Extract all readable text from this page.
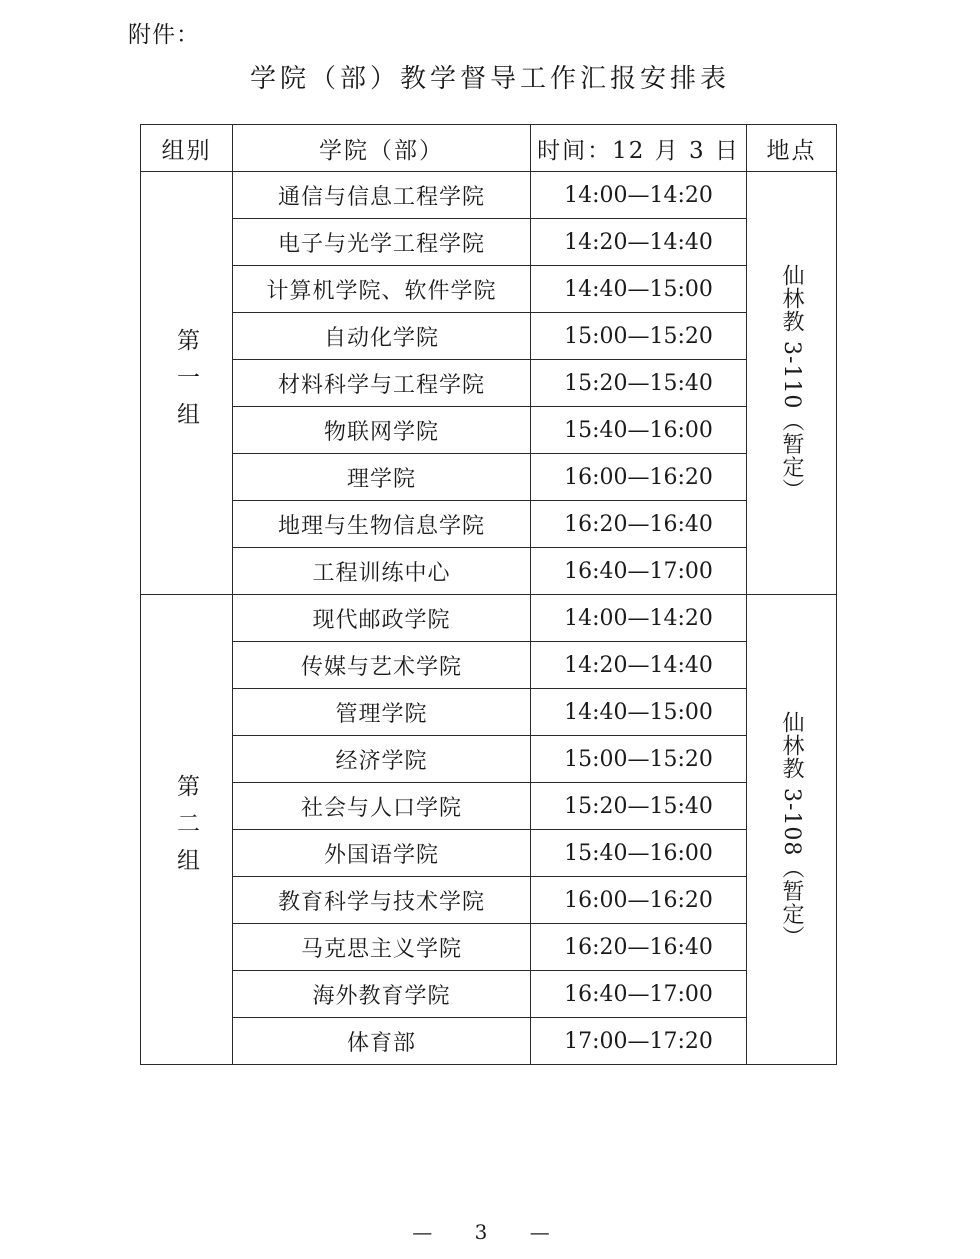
附件：
学院（部）教学督导工作汇报安排表
组别	学院（部）	时间：12 月 3 日	地点
第一组	通信与信息工程学院	14:00—14:20	仙林教 3-110（暂定）
	电子与光学工程学院	14:20—14:40	
	计算机学院、软件学院	14:40—15:00	
	自动化学院	15:00—15:20	
	材料科学与工程学院	15:20—15:40	
	物联网学院	15:40—16:00	
	理学院	16:00—16:20	
	地理与生物信息学院	16:20—16:40	
	工程训练中心	16:40—17:00	
第二组	现代邮政学院	14:00—14:20	仙林教 3-108（暂定）
	传媒与艺术学院	14:20—14:40	
	管理学院	14:40—15:00	
	经济学院	15:00—15:20	
	社会与人口学院	15:20—15:40	
	外国语学院	15:40—16:00	
	教育科学与技术学院	16:00—16:20	
	马克思主义学院	16:20—16:40	
	海外教育学院	16:40—17:00	
	体育部	17:00—17:20	
— 3 —
